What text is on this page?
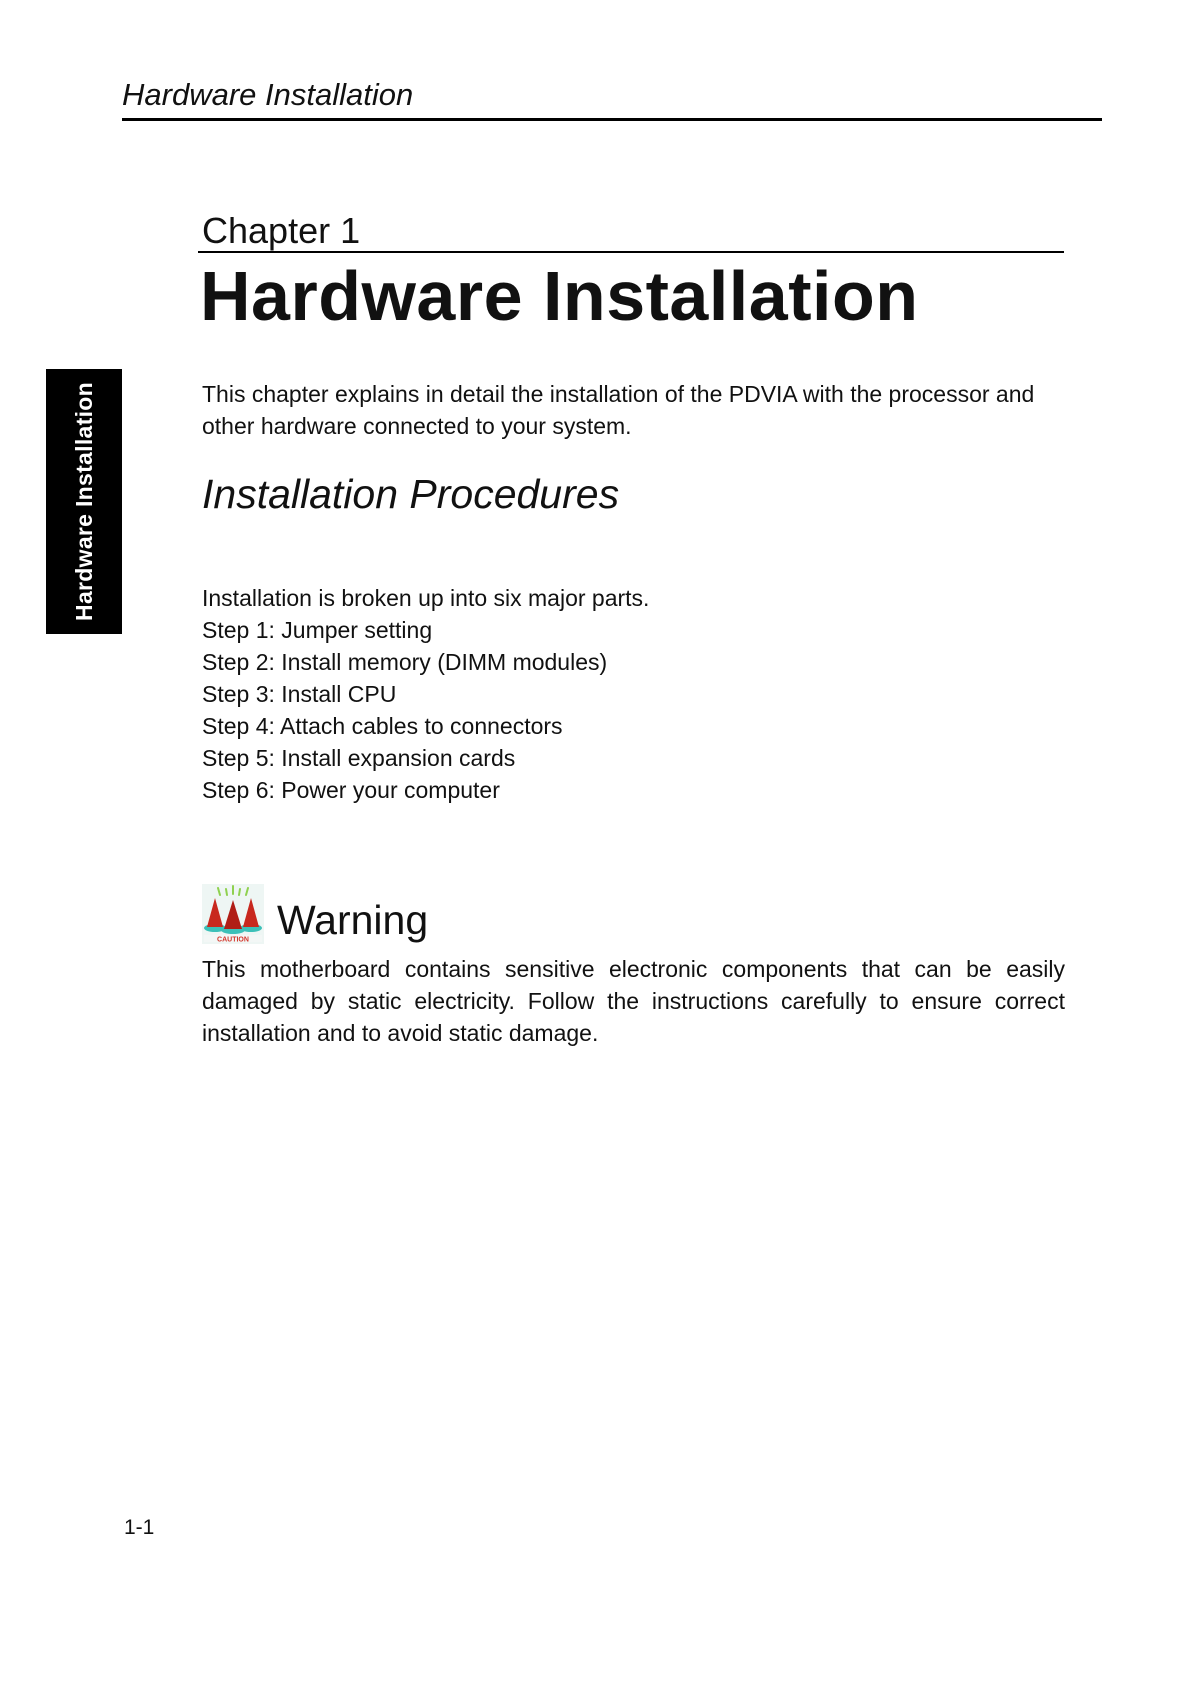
Hardware Installation
Hardware Installation
Chapter 1
Hardware Installation

This chapter explains in detail the installation of the PDVIA with the processor and other hardware connected to your system.

Installation Procedures
Installation is broken up into six major parts.
Step 1: Jumper setting
Step 2: Install memory (DIMM modules)
Step 3: Install CPU
Step 4: Attach cables to connectors
Step 5: Install expansion cards
Step 6: Power your computer
CAUTION Warning

This motherboard contains sensitive electronic components that can be easily damaged by static electricity. Follow the instructions carefully to ensure correct installation and to avoid static damage.

1-1
